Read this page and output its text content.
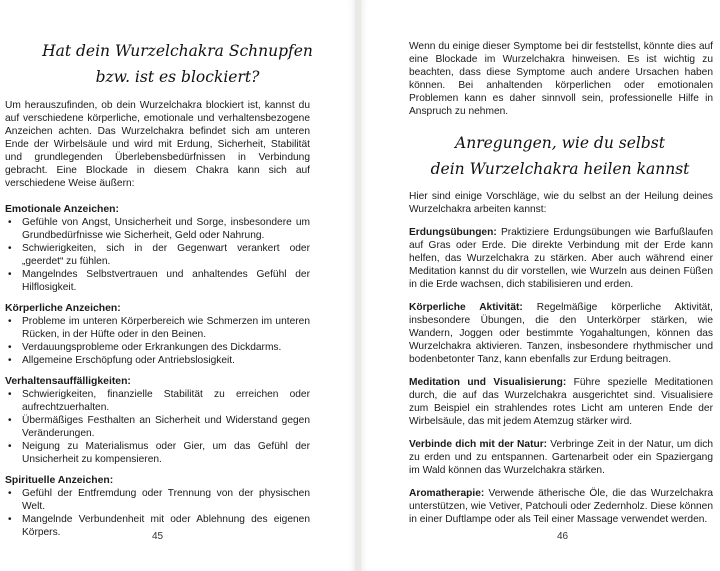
Hat dein Wurzelchakra Schnupfen
bzw. ist es blockiert?

Um herauszufinden, ob dein Wurzelchakra blockiert ist, kannst du auf verschiedene körperliche, emotionale und verhaltensbezogene Anzeichen achten. Das Wurzelchakra befindet sich am unteren Ende der Wirbelsäule und wird mit Erdung, Sicherheit, Stabilität und grundlegenden Überlebensbedürfnissen in Verbindung gebracht. Eine Blockade in diesem Chakra kann sich auf verschiedene Weise äußern:

Emotionale Anzeichen:

• Gefühle von Angst, Unsicherheit und Sorge, insbesondere um Grundbedürfnisse wie Sicherheit, Geld oder Nahrung.
• Schwierigkeiten, sich in der Gegenwart verankert oder „geerdet“ zu fühlen.
• Mangelndes Selbstvertrauen und anhaltendes Gefühl der Hilflosigkeit.

Körperliche Anzeichen:

• Probleme im unteren Körperbereich wie Schmerzen im unteren Rücken, in der Hüfte oder in den Beinen.
• Verdauungsprobleme oder Erkrankungen des Dickdarms.
• Allgemeine Erschöpfung oder Antriebslosigkeit.

Verhaltensauffälligkeiten:

• Schwierigkeiten, finanzielle Stabilität zu erreichen oder aufrechtzuerhalten.
• Übermäßiges Festhalten an Sicherheit und Widerstand gegen Veränderungen.
• Neigung zu Materialismus oder Gier, um das Gefühl der Unsicherheit zu kompensieren.

Spirituelle Anzeichen:

• Gefühl der Entfremdung oder Trennung von der physischen Welt.
• Mangelnde Verbundenheit mit oder Ablehnung des eigenen Körpers.	45

Wenn du einige dieser Symptome bei dir feststellst, könnte dies auf eine Blockade im Wurzelchakra hinweisen. Es ist wichtig zu beachten, dass diese Symptome auch andere Ursachen haben können. Bei anhaltenden körperlichen oder emotionalen Problemen kann es daher sinnvoll sein, professionelle Hilfe in Anspruch zu nehmen.

Anregungen, wie du selbst
dein Wurzelchakra heilen kannst

Hier sind einige Vorschläge, wie du selbst an der Heilung deines Wurzelchakra arbeiten kannst:

Erdungsübungen: Praktiziere Erdungsübungen wie Barfußlaufen auf Gras oder Erde. Die direkte Verbindung mit der Erde kann helfen, das Wurzelchakra zu stärken. Aber auch während einer Meditation kannst du dir vorstellen, wie Wurzeln aus deinen Füßen in die Erde wachsen, dich stabilisieren und erden.

Körperliche Aktivität: Regelmäßige körperliche Aktivität, insbesondere Übungen, die den Unterkörper stärken, wie Wandern, Joggen oder bestimmte Yogahaltungen, können das Wurzelchakra aktivieren. Tanzen, insbesondere rhythmischer und bodenbetonter Tanz, kann ebenfalls zur Erdung beitragen.

Meditation und Visualisierung: Führe spezielle Meditationen durch, die auf das Wurzelchakra ausgerichtet sind. Visualisiere zum Beispiel ein strahlendes rotes Licht am unteren Ende der Wirbelsäule, das mit jedem Atemzug stärker wird.

Verbinde dich mit der Natur: Verbringe Zeit in der Natur, um dich zu erden und zu entspannen. Gartenarbeit oder ein Spaziergang im Wald können das Wurzelchakra stärken.

Aromatherapie: Verwende ätherische Öle, die das Wurzelchakra unterstützen, wie Vetiver, Patchouli oder Zedernholz. Diese können in einer Duftlampe oder als Teil einer Massage verwendet werden.

46
